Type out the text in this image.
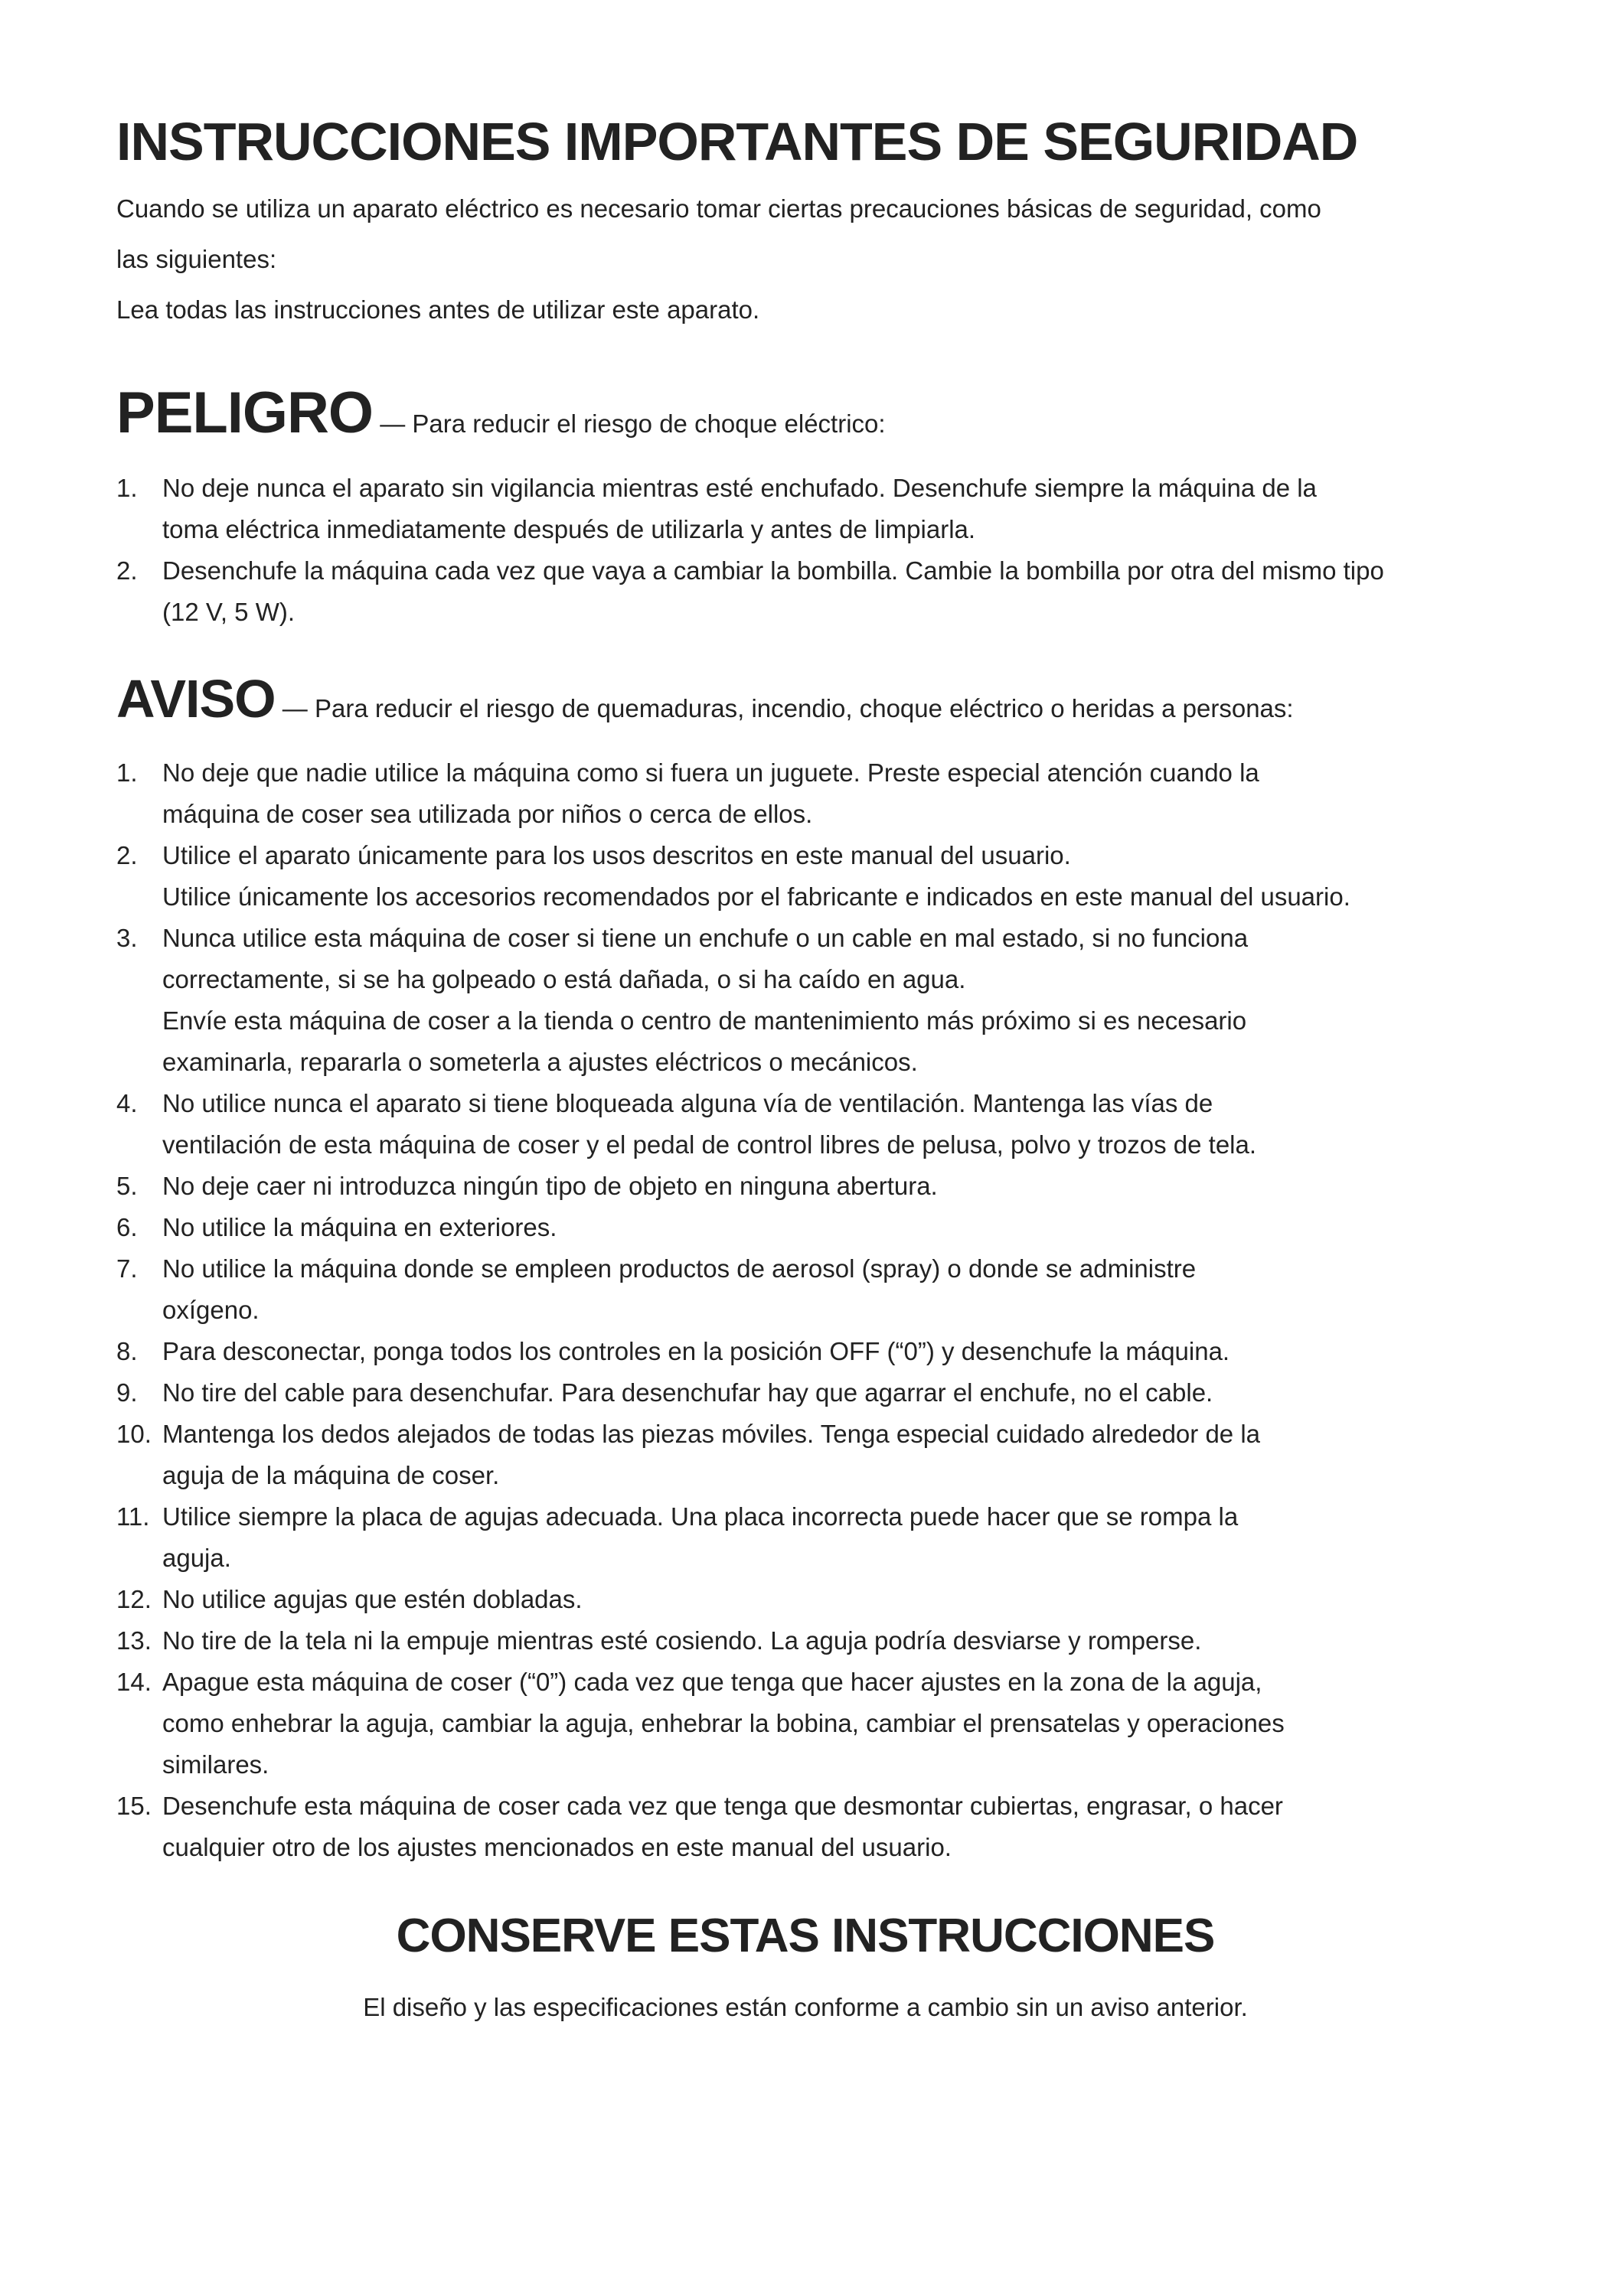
INSTRUCCIONES IMPORTANTES DE SEGURIDAD

Cuando se utiliza un aparato eléctrico es necesario tomar ciertas precauciones básicas de seguridad, como

las siguientes:

Lea todas las instrucciones antes de utilizar este aparato.

PELIGRO — Para reducir el riesgo de choque eléctrico:
1. No deje nunca el aparato sin vigilancia mientras esté enchufado. Desenchufe siempre la máquina de la
toma eléctrica inmediatamente después de utilizarla y antes de limpiarla.
2. Desenchufe la máquina cada vez que vaya a cambiar la bombilla. Cambie la bombilla por otra del mismo tipo
(12 V, 5 W).
AVISO — Para reducir el riesgo de quemaduras, incendio, choque eléctrico o heridas a personas:
1. No deje que nadie utilice la máquina como si fuera un juguete. Preste especial atención cuando la
máquina de coser sea utilizada por niños o cerca de ellos.
2. Utilice el aparato únicamente para los usos descritos en este manual del usuario.
Utilice únicamente los accesorios recomendados por el fabricante e indicados en este manual del usuario.
3. Nunca utilice esta máquina de coser si tiene un enchufe o un cable en mal estado, si no funciona
correctamente, si se ha golpeado o está dañada, o si ha caído en agua.
Envíe esta máquina de coser a la tienda o centro de mantenimiento más próximo si es necesario
examinarla, repararla o someterla a ajustes eléctricos o mecánicos.
4. No utilice nunca el aparato si tiene bloqueada alguna vía de ventilación. Mantenga las vías de
ventilación de esta máquina de coser y el pedal de control libres de pelusa, polvo y trozos de tela.
5. No deje caer ni introduzca ningún tipo de objeto en ninguna abertura.
6. No utilice la máquina en exteriores.
7. No utilice la máquina donde se empleen productos de aerosol (spray) o donde se administre
oxígeno.
8. Para desconectar, ponga todos los controles en la posición OFF (“0”) y desenchufe la máquina.
9. No tire del cable para desenchufar. Para desenchufar hay que agarrar el enchufe, no el cable.
10. Mantenga los dedos alejados de todas las piezas móviles. Tenga especial cuidado alrededor de la
aguja de la máquina de coser.
11. Utilice siempre la placa de agujas adecuada. Una placa incorrecta puede hacer que se rompa la
aguja.
12. No utilice agujas que estén dobladas.
13. No tire de la tela ni la empuje mientras esté cosiendo. La aguja podría desviarse y romperse.
14. Apague esta máquina de coser (“0”) cada vez que tenga que hacer ajustes en la zona de la aguja,
como enhebrar la aguja, cambiar la aguja, enhebrar la bobina, cambiar el prensatelas y operaciones
similares.
15. Desenchufe esta máquina de coser cada vez que tenga que desmontar cubiertas, engrasar, o hacer
cualquier otro de los ajustes mencionados en este manual del usuario.
CONSERVE ESTAS INSTRUCCIONES

El diseño y las especificaciones están conforme a cambio sin un aviso anterior.
